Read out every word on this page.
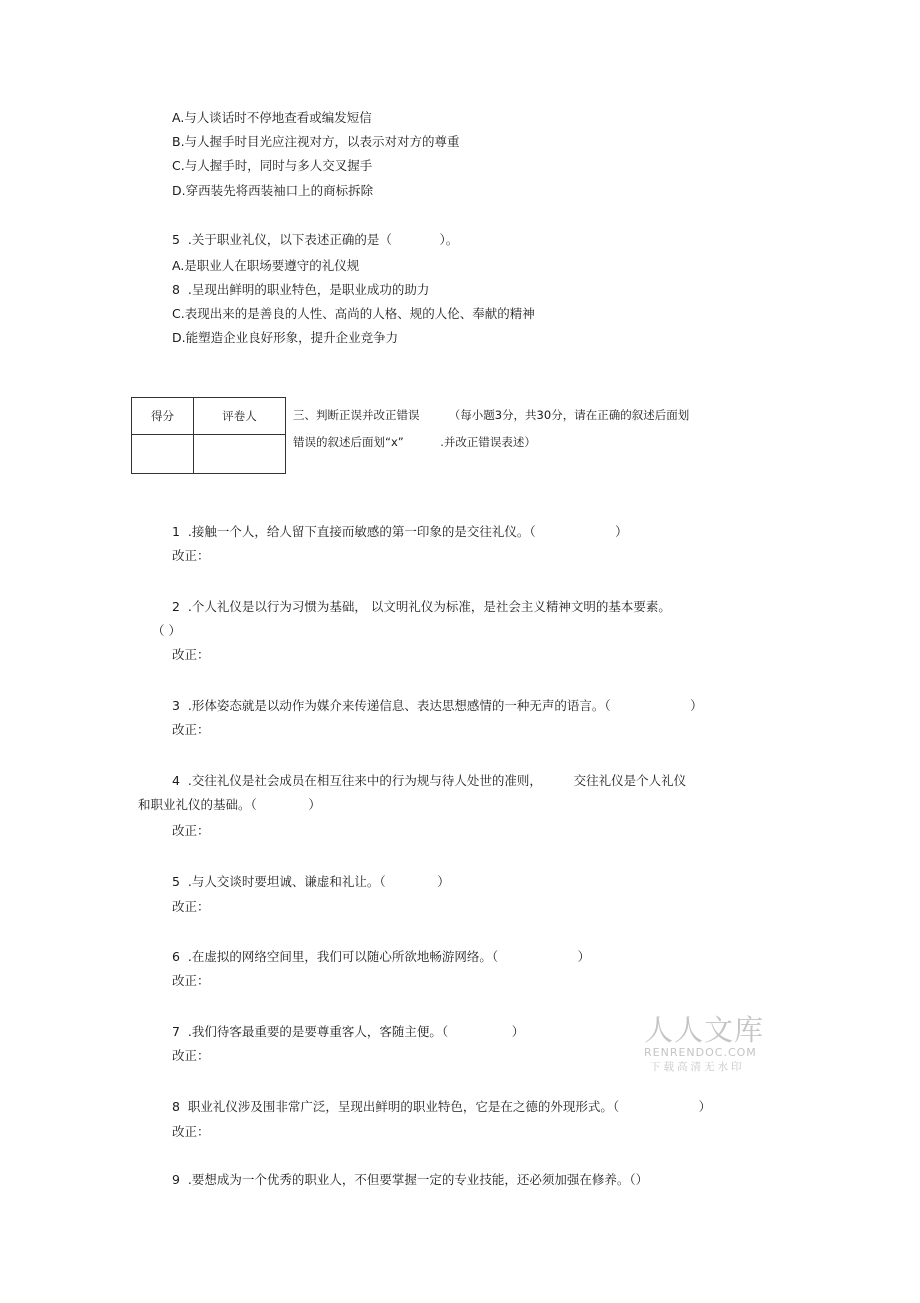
A.与人谈话时不停地查看或编发短信
B.与人握手时目光应注视对方，以表示对对方的尊重
C.与人握手时，同时与多人交叉握手
D.穿西装先将西装袖口上的商标拆除
5  .关于职业礼仪，以下表述正确的是（            ）。
A.是职业人在职场要遵守的礼仪规
8  .呈现出鲜明的职业特色，是职业成功的助力
C.表现出来的是善良的人性、高尚的人格、规的人伦、奉献的精神
D.能塑造企业良好形象，提升企业竞争力
得分	评卷人
		三、判断正误并改正错误        （每小题3分，共30分，请在正确的叙述后面划
错误的叙述后面划“x”          .并改正错误表述）
1  .接触一个人，给人留下直接而敏感的第一印象的是交往礼仪。（                    ）
改正：
2  .个人礼仪是以行为习惯为基础， 以文明礼仪为标准，是社会主义精神文明的基本要素。
（ ）
改正：
3  .形体姿态就是以动作为媒介来传递信息、表达思想感情的一种无声的语言。（                    ）
改正：
4  .交往礼仪是社会成员在相互往来中的行为规与待人处世的准则，        交往礼仪是个人礼仪
和职业礼仪的基础。（             ）
改正：
5  .与人交谈时要坦诚、谦虚和礼让。（             ）
改正：
6  .在虚拟的网络空间里，我们可以随心所欲地畅游网络。（                    ）
改正：
7  .我们待客最重要的是要尊重客人，客随主便。（                ）
改正：
8  职业礼仪涉及围非常广泛，呈现出鲜明的职业特色，它是在之德的外现形式。（                    ）
改正：
9  .要想成为一个优秀的职业人，不但要掌握一定的专业技能，还必须加强在修养。（）
人人文库
RENRENDOC.COM
下载高清无水印
